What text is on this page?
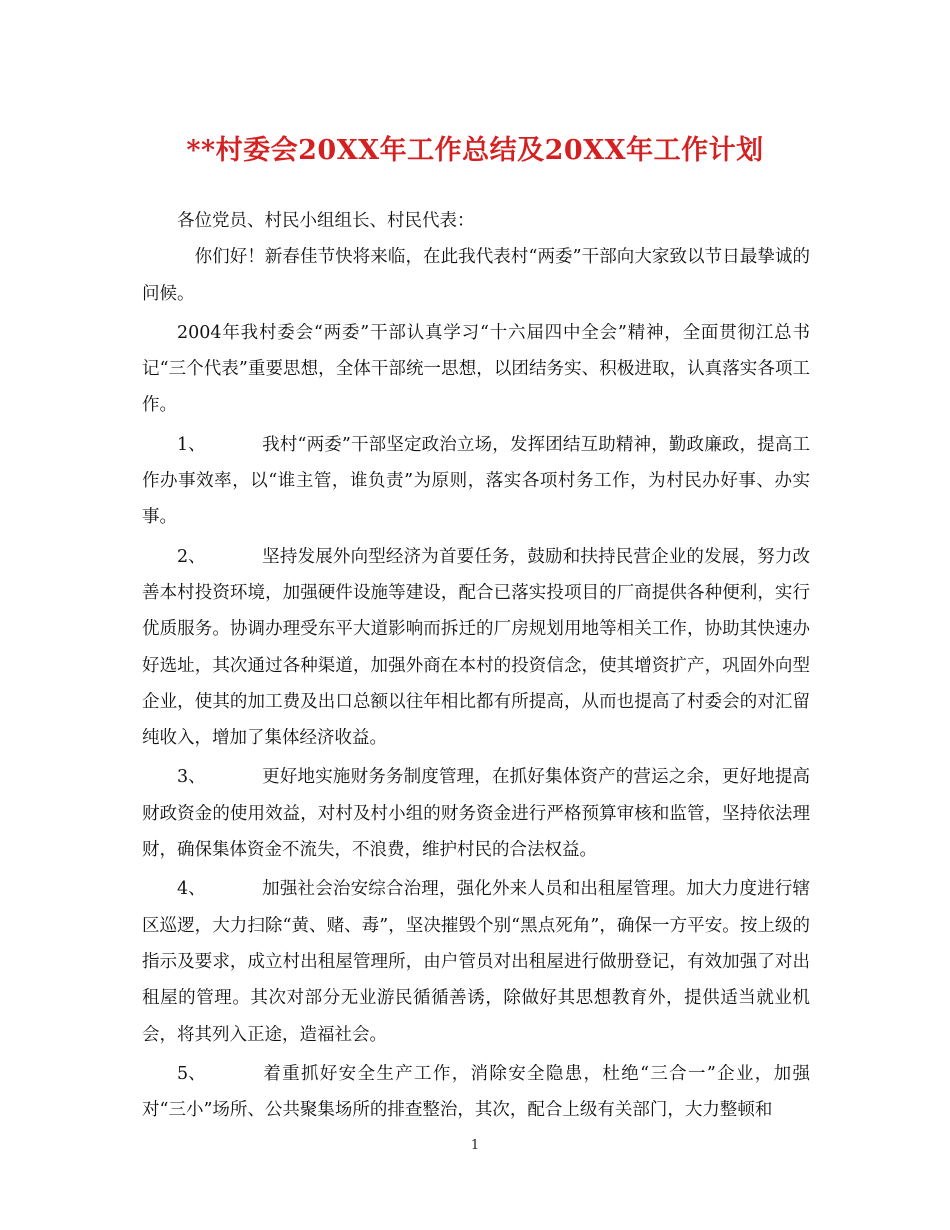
**村委会20XX年工作总结及20XX年工作计划

各位党员、村民小组组长、村民代表：

　你们好！新春佳节快将来临，在此我代表村“两委”干部向大家致以节日最挚诚的问候。

2004年我村委会“两委”干部认真学习“十六届四中全会”精神，全面贯彻江总书记“三个代表”重要思想，全体干部统一思想，以团结务实、积极进取，认真落实各项工作。

1、	我村“两委”干部坚定政治立场，发挥团结互助精神，勤政廉政，提高工作办事效率，以“谁主管，谁负责”为原则，落实各项村务工作，为村民办好事、办实事。

2、	坚持发展外向型经济为首要任务，鼓励和扶持民营企业的发展，努力改善本村投资环境，加强硬件设施等建设，配合已落实投项目的厂商提供各种便利，实行优质服务。协调办理受东平大道影响而拆迁的厂房规划用地等相关工作，协助其快速办好选址，其次通过各种渠道，加强外商在本村的投资信念，使其增资扩产，巩固外向型企业，使其的加工费及出口总额以往年相比都有所提高，从而也提高了村委会的对汇留纯收入，增加了集体经济收益。

3、	更好地实施财务务制度管理，在抓好集体资产的营运之余，更好地提高财政资金的使用效益，对村及村小组的财务资金进行严格预算审核和监管，坚持依法理财，确保集体资金不流失，不浪费，维护村民的合法权益。

4、	加强社会治安综合治理，强化外来人员和出租屋管理。加大力度进行辖区巡逻，大力扫除“黄、赌、毒”，坚决摧毁个别“黑点死角”，确保一方平安。按上级的指示及要求，成立村出租屋管理所，由户管员对出租屋进行做册登记，有效加强了对出租屋的管理。其次对部分无业游民循循善诱，除做好其思想教育外，提供适当就业机会，将其列入正途，造福社会。

5、	着重抓好安全生产工作，消除安全隐患，杜绝“三合一”企业，加强对“三小”场所、公共聚集场所的排查整治，其次，配合上级有关部门，大力整顿和

1
